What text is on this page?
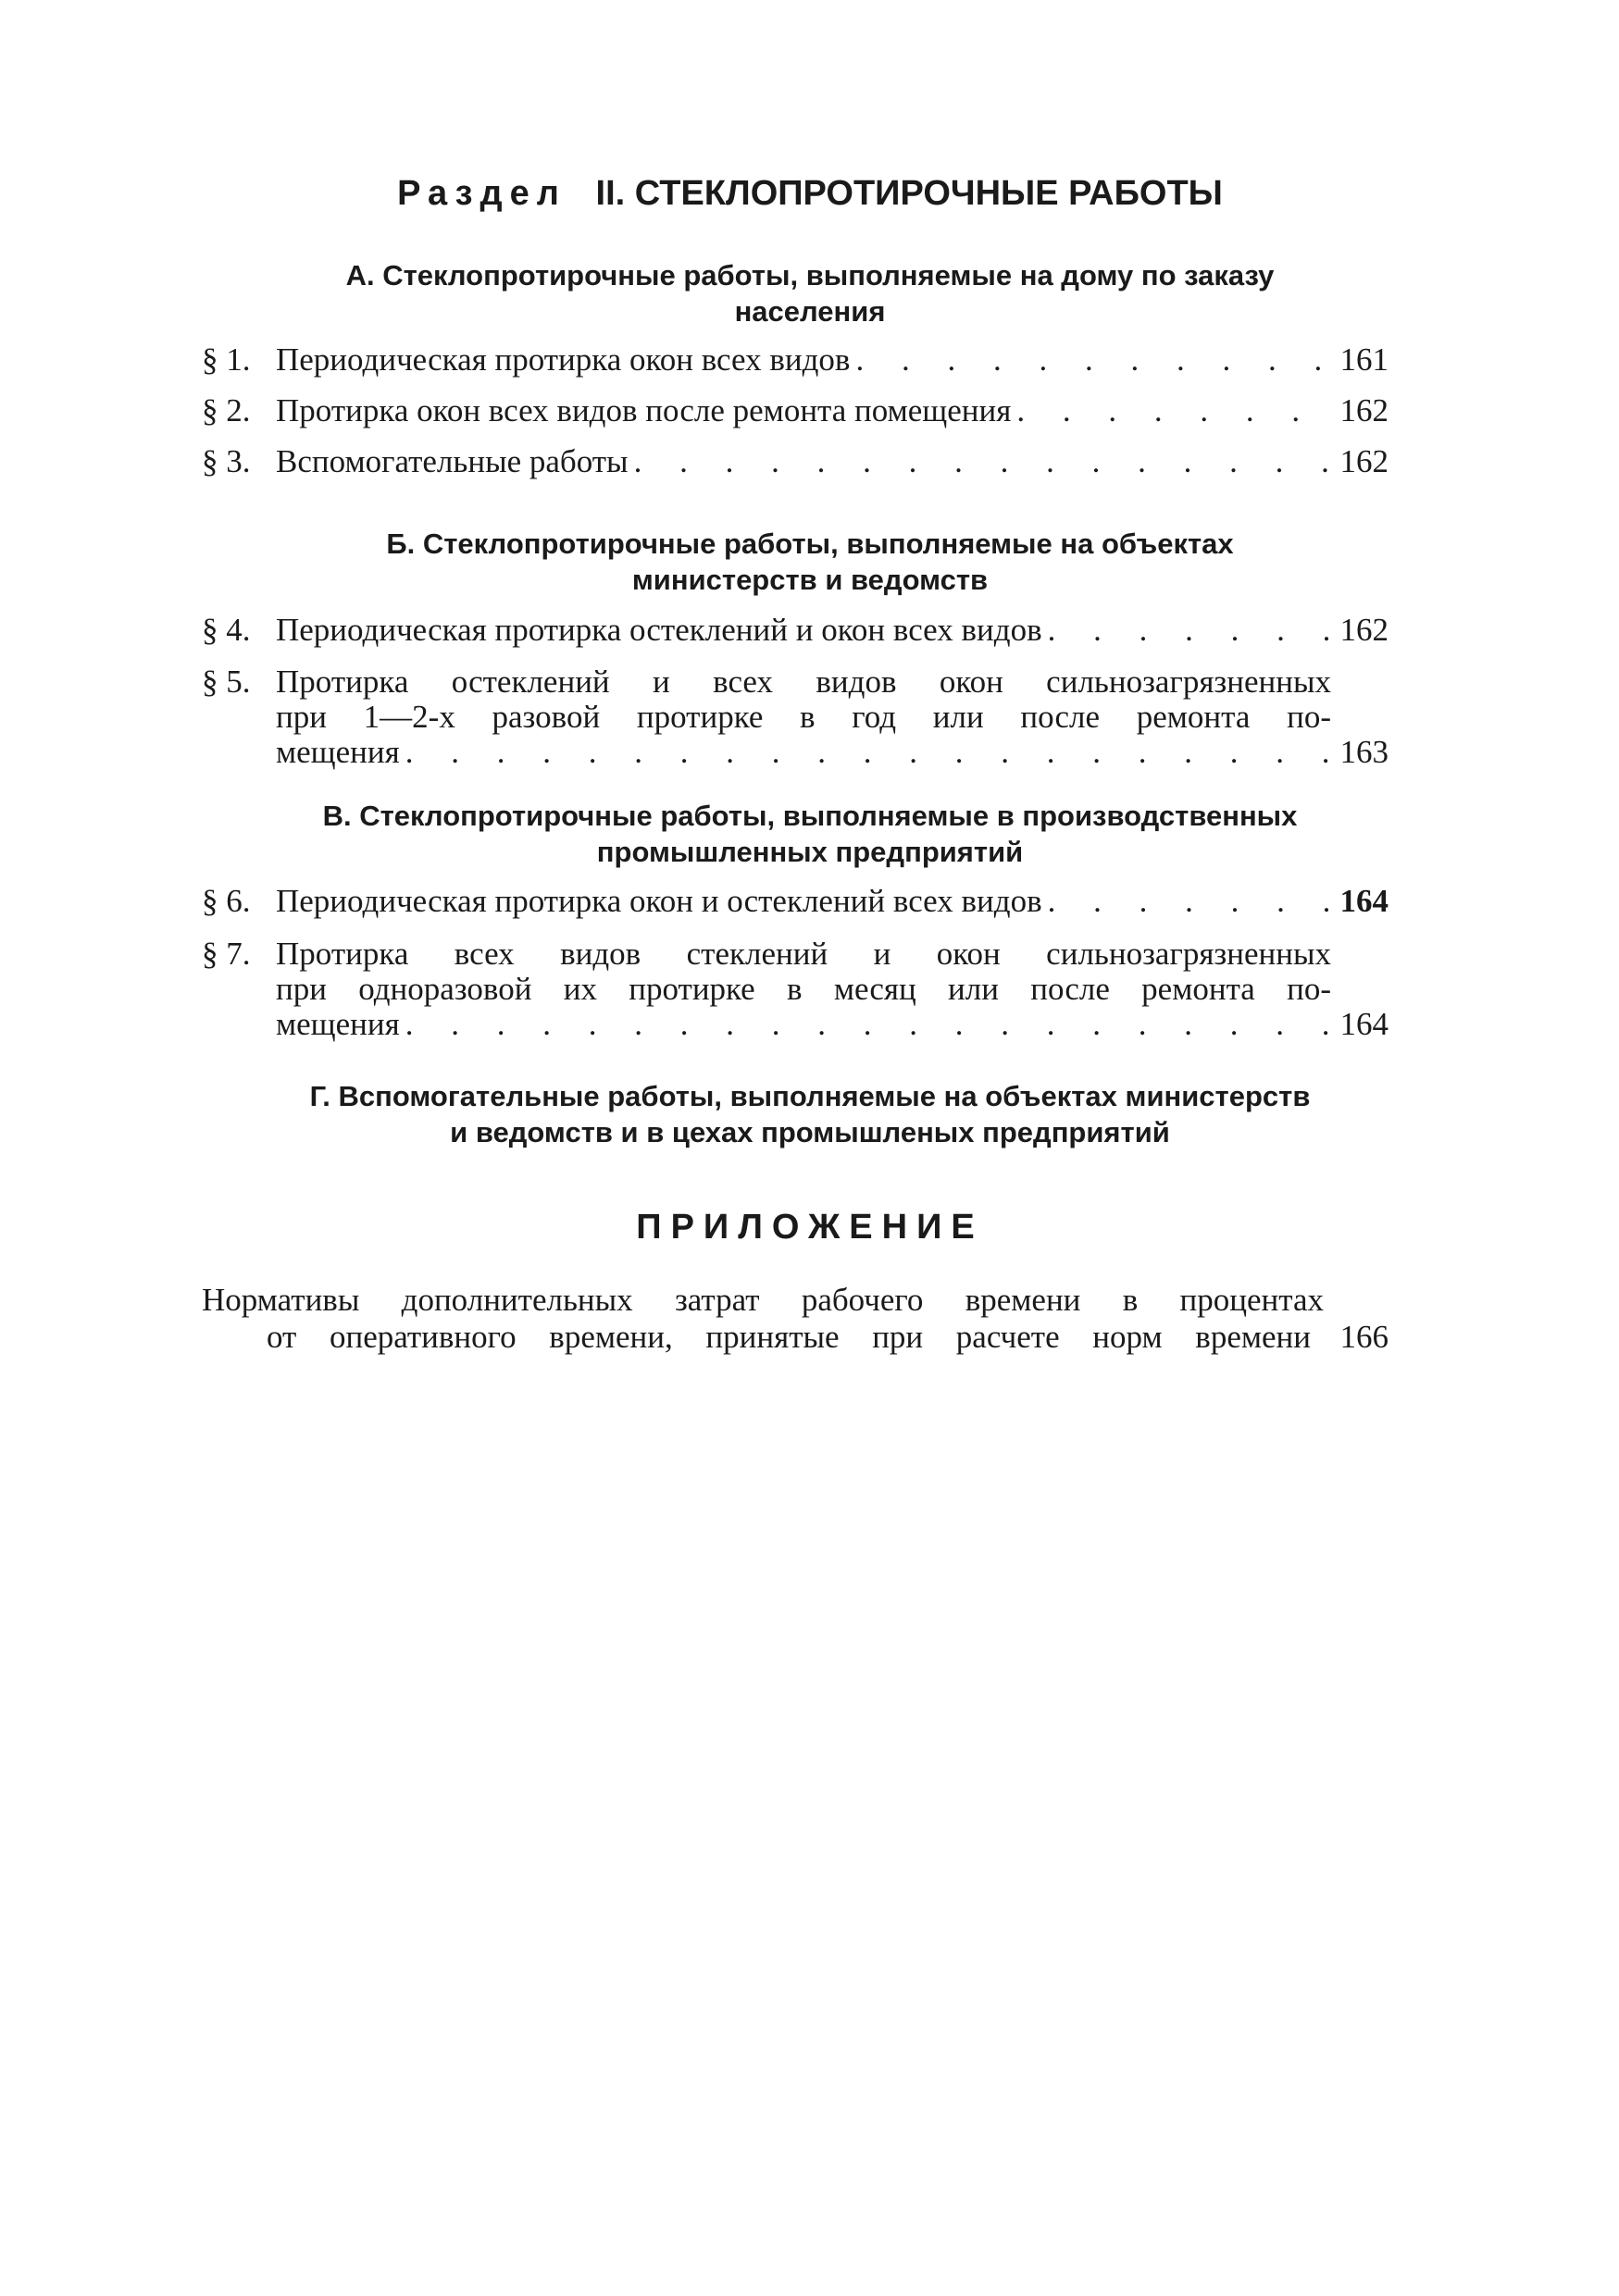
Раздел II. СТЕКЛОПРОТИРОЧНЫЕ РАБОТЫ
А. Стеклопротирочные работы, выполняемые на дому по заказу
населения
§ 1. Периодическая протирка окон всех видов . . .	161
§ 2. Протирка окон всех видов после ремонта помещения . . .	162
§ 3. Вспомогательные работы . . .	162
Б. Стеклопротирочные работы, выполняемые на объектах
министерств и ведомств
§ 4. Периодическая протирка остеклений и окон всех видов . . .	162
§ 5. Протирка остеклений и всех видов окон сильнозагрязненных
при 1—2-х разовой протирке в год или после ремонта по-
мещения . . .	163
В. Стеклопротирочные работы, выполняемые в производственных
промышленных предприятий
§ 6. Периодическая протирка окон и остеклений всех видов . . .	164
§ 7. Протирка всех видов стеклений и окон сильнозагрязненных
при одноразовой их протирке в месяц или после ремонта по-
мещения . . .	164
Г. Вспомогательные работы, выполняемые на объектах министерств
и ведомств и в цехах промышленых предприятий
ПРИЛОЖЕНИЕ
Нормативы дополнительных затрат рабочего времени в процентах
от оперативного времени, принятые при расчете норм времени 166
